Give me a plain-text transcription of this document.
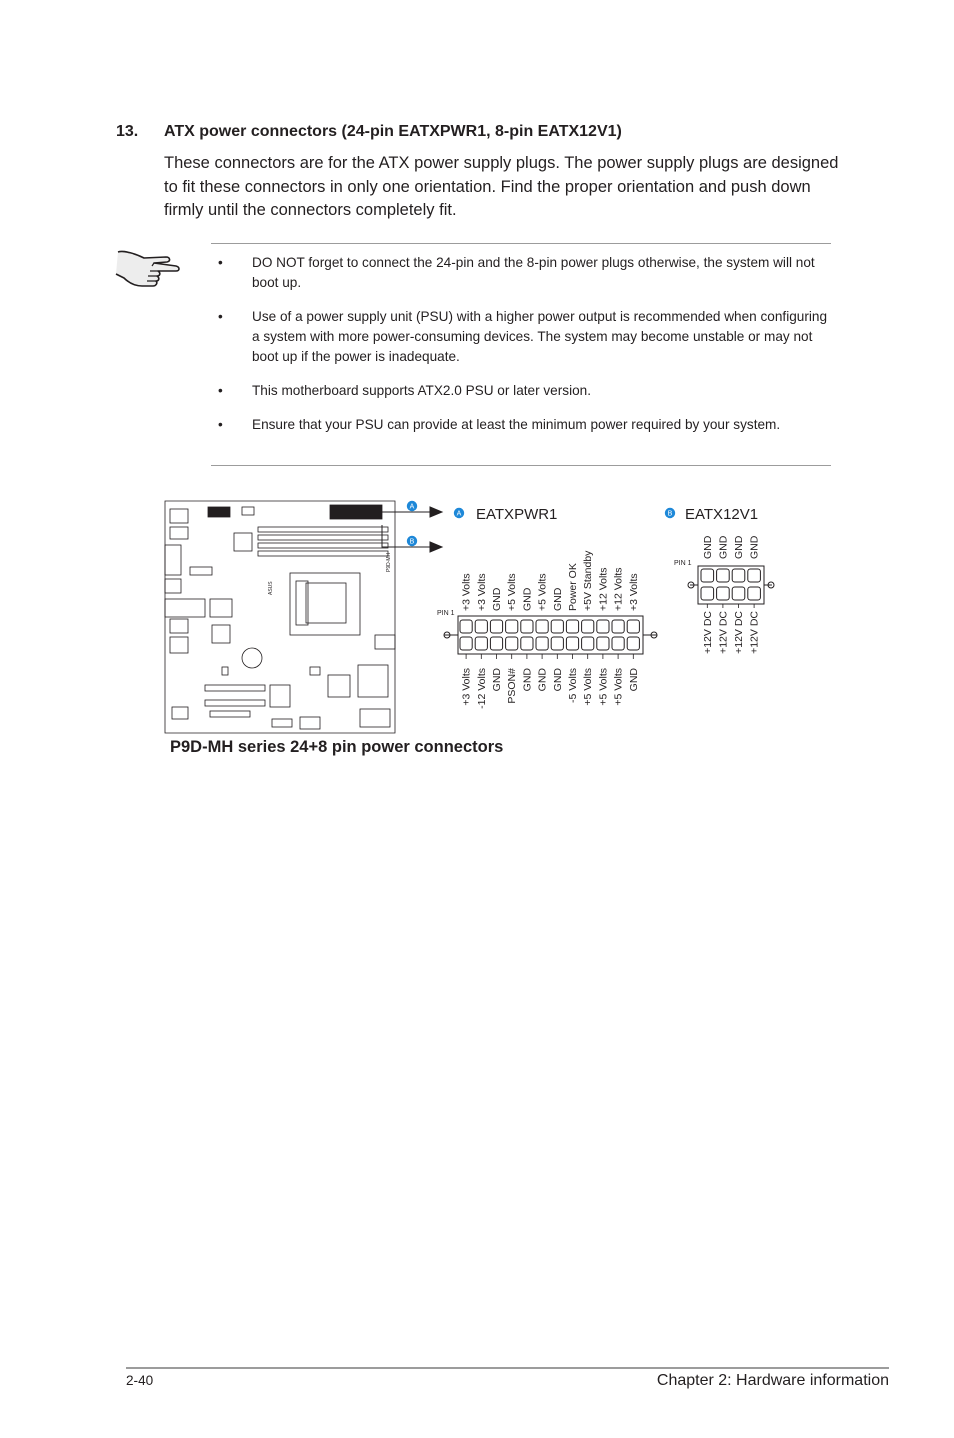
13. ATX power connectors (24-pin EATXPWR1, 8-pin EATX12V1)
These connectors are for the ATX power supply plugs. The power supply plugs are designed to fit these connectors in only one orientation. Find the proper orientation and push down firmly until the connectors completely fit.
• DO NOT forget to connect the 24-pin and the 8-pin power plugs otherwise, the system will not boot up.
• Use of a power supply unit (PSU) with a higher power output is recommended when configuring a system with more power-consuming devices. The system may become unstable or may not boot up if the power is inadequate.
• This motherboard supports ATX2.0 PSU or later version.
• Ensure that your PSU can provide at least the minimum power required by your system.
P9D-MH
ASUS
A
B
A EATXPWR1	B EATX12V1
PIN 1
+3 Volts +3 Volts GND +5 Volts GND +5 Volts GND Power OK +5V Standby +12 Volts +12 Volts +3 Volts
+3 Volts -12 Volts GND PSON# GND GND GND -5 Volts +5 Volts +5 Volts +5 Volts GND
PIN 1
GND GND GND GND
+12V DC +12V DC +12V DC +12V DC
P9D-MH series 24+8 pin power connectors
2-40	Chapter 2: Hardware information
